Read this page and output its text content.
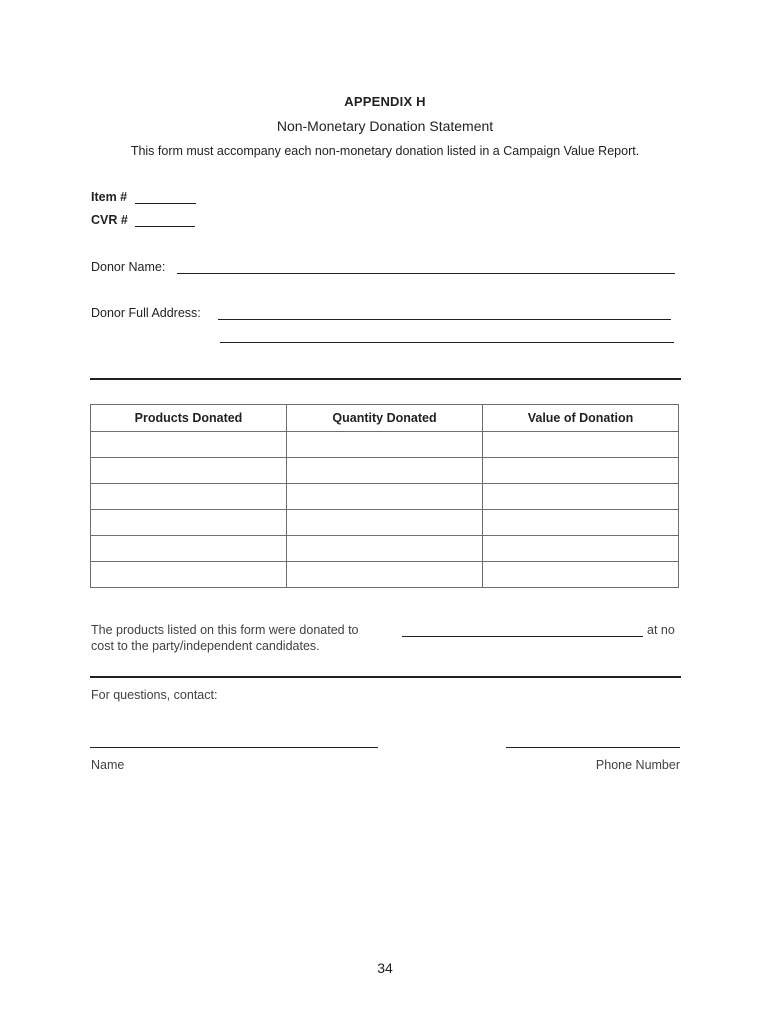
APPENDIX H
Non-Monetary Donation Statement
This form must accompany each non-monetary donation listed in a Campaign Value Report.
Item #
CVR #
Donor Name:
Donor Full Address:
Products Donated	Quantity Donated	Value of Donation

The products listed on this form were donated to	at no
cost to the party/independent candidates.
For questions, contact:
Name	Phone Number
34
